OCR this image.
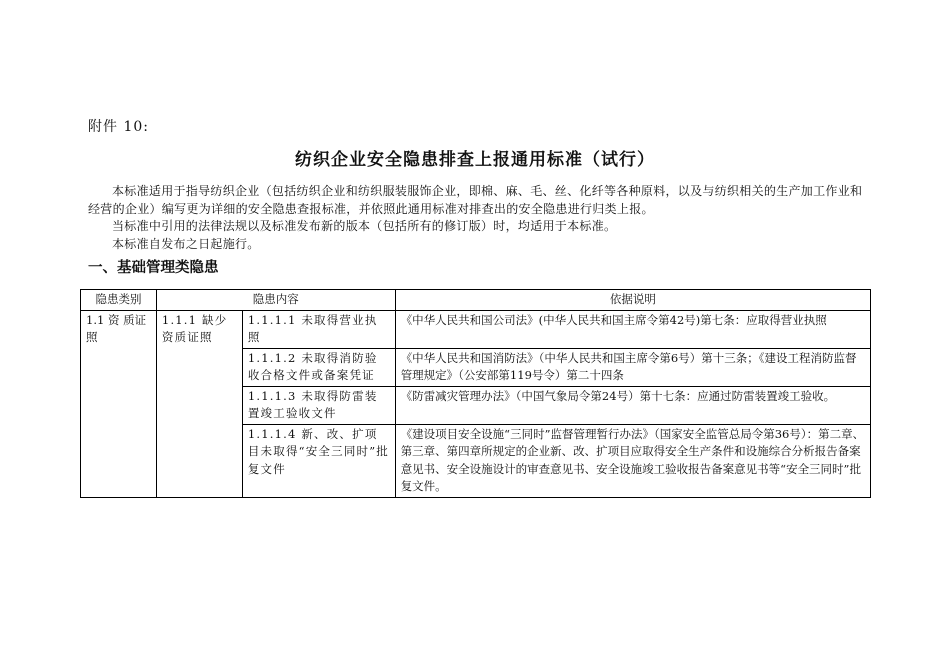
附件 10:
纺织企业安全隐患排查上报通用标准（试行）

本标准适用于指导纺织企业（包括纺织企业和纺织服装服饰企业，即棉、麻、毛、丝、化纤等各种原料，以及与纺织相关的生产加工作业和经营的企业）编写更为详细的安全隐患查报标准，并依照此通用标准对排查出的安全隐患进行归类上报。

当标准中引用的法律法规以及标准发布新的版本（包括所有的修订版）时，均适用于本标准。

本标准自发布之日起施行。

一、基础管理类隐患
隐患类别	隐患内容		依据说明
1.1 资 质证照	1.1.1 缺少资质证照	1.1.1.1 未取得营业执照	《中华人民共和国公司法》(中华人民共和国主席令第42号)第七条：应取得营业执照
		1.1.1.2 未取得消防验收合格文件或备案凭证	《中华人民共和国消防法》（中华人民共和国主席令第6号）第十三条；《建设工程消防监督管理规定》（公安部第119号令）第二十四条
		1.1.1.3 未取得防雷装置竣工验收文件	《防雷减灾管理办法》（中国气象局令第24号）第十七条：应通过防雷装置竣工验收。
		1.1.1.4 新、改、扩项目未取得“安全三同时”批复文件	《建设项目安全设施“三同时”监督管理暂行办法》（国家安全监管总局令第36号）：第二章、第三章、第四章所规定的企业新、改、扩项目应取得安全生产条件和设施综合分析报告备案意见书、安全设施设计的审查意见书、安全设施竣工验收报告备案意见书等“安全三同时”批复文件。
